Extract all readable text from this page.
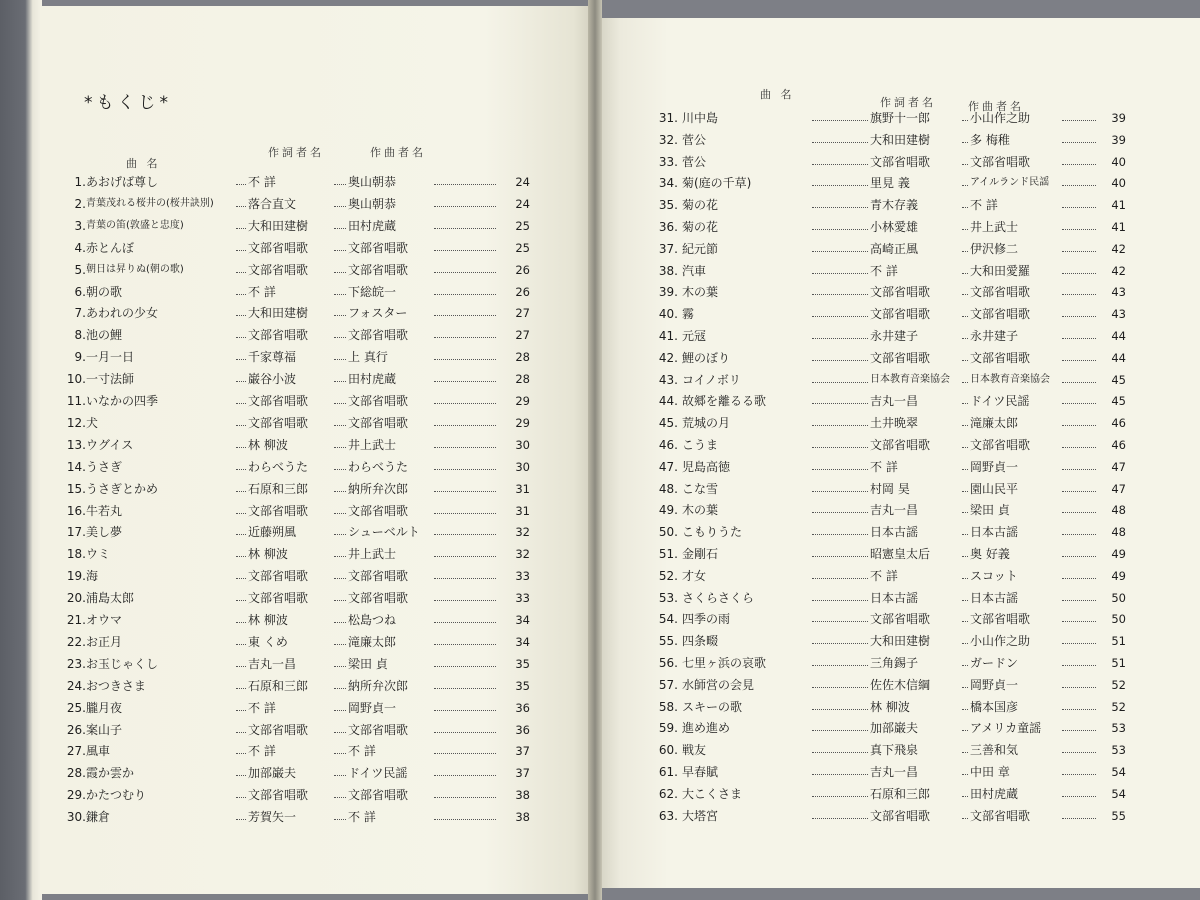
*もくじ*
曲 名
作詞者名	作曲者名
曲 名
作詞者名	作曲者名
1. あおげば尊し	不 詳	奥山朝恭	24
2. 青葉茂れる桜井の(桜井訣別)	落合直文	奥山朝恭	24
3. 青葉の笛(敦盛と忠度)	大和田建樹	田村虎蔵	25
4. 赤とんぼ	文部省唱歌	文部省唱歌	25
5. 朝日は昇りぬ(朝の歌)	文部省唱歌	文部省唱歌	26
6. 朝の歌	不 詳	下総皖一	26
7. あわれの少女	大和田建樹	フォスター	27
8. 池の鯉	文部省唱歌	文部省唱歌	27
9. 一月一日	千家尊福	上 真行	28
10. 一寸法師	巌谷小波	田村虎蔵	28
11. いなかの四季	文部省唱歌	文部省唱歌	29
12. 犬	文部省唱歌	文部省唱歌	29
13. ウグイス	林 柳波	井上武士	30
14. うさぎ	わらべうた	わらべうた	30
15. うさぎとかめ	石原和三郎	納所弁次郎	31
16. 牛若丸	文部省唱歌	文部省唱歌	31
17. 美し夢	近藤朔風	シューベルト	32
18. ウミ	林 柳波	井上武士	32
19. 海	文部省唱歌	文部省唱歌	33
20. 浦島太郎	文部省唱歌	文部省唱歌	33
21. オウマ	林 柳波	松島つね	34
22. お正月	東 くめ	滝廉太郎	34
23. お玉じゃくし	吉丸一昌	梁田 貞	35
24. おつきさま	石原和三郎	納所弁次郎	35
25. 朧月夜	不 詳	岡野貞一	36
26. 案山子	文部省唱歌	文部省唱歌	36
27. 風車	不 詳	不 詳	37
28. 霞か雲か	加部巌夫	ドイツ民謡	37
29. かたつむり	文部省唱歌	文部省唱歌	38
30. 鎌倉	芳賀矢一	不 詳	38
31. 川中島	旗野十一郎	小山作之助	39
32. 菅公	大和田建樹	多 梅稚	39
33. 菅公	文部省唱歌	文部省唱歌	40
34. 菊(庭の千草)	里見 義	アイルランド民謡	40
35. 菊の花	青木存義	不 詳	41
36. 菊の花	小林愛雄	井上武士	41
37. 紀元節	高崎正風	伊沢修二	42
38. 汽車	不 詳	大和田愛羅	42
39. 木の葉	文部省唱歌	文部省唱歌	43
40. 霧	文部省唱歌	文部省唱歌	43
41. 元冦	永井建子	永井建子	44
42. 鯉のぼり	文部省唱歌	文部省唱歌	44
43. コイノボリ	日本教育音楽協会	日本教育音楽協会	45
44. 故郷を離るる歌	吉丸一昌	ドイツ民謡	45
45. 荒城の月	土井晩翠	滝廉太郎	46
46. こうま	文部省唱歌	文部省唱歌	46
47. 児島高徳	不 詳	岡野貞一	47
48. こな雪	村岡 昊	園山民平	47
49. 木の葉	吉丸一昌	梁田 貞	48
50. こもりうた	日本古謡	日本古謡	48
51. 金剛石	昭憲皇太后	奥 好義	49
52. 才女	不 詳	スコット	49
53. さくらさくら	日本古謡	日本古謡	50
54. 四季の雨	文部省唱歌	文部省唱歌	50
55. 四条畷	大和田建樹	小山作之助	51
56. 七里ヶ浜の哀歌	三角錫子	ガードン	51
57. 水師営の会見	佐佐木信綱	岡野貞一	52
58. スキーの歌	林 柳波	橋本国彦	52
59. 進め進め	加部巌夫	アメリカ童謡	53
60. 戦友	真下飛泉	三善和気	53
61. 早春賦	吉丸一昌	中田 章	54
62. 大こくさま	石原和三郎	田村虎蔵	54
63. 大塔宮	文部省唱歌	文部省唱歌	55
